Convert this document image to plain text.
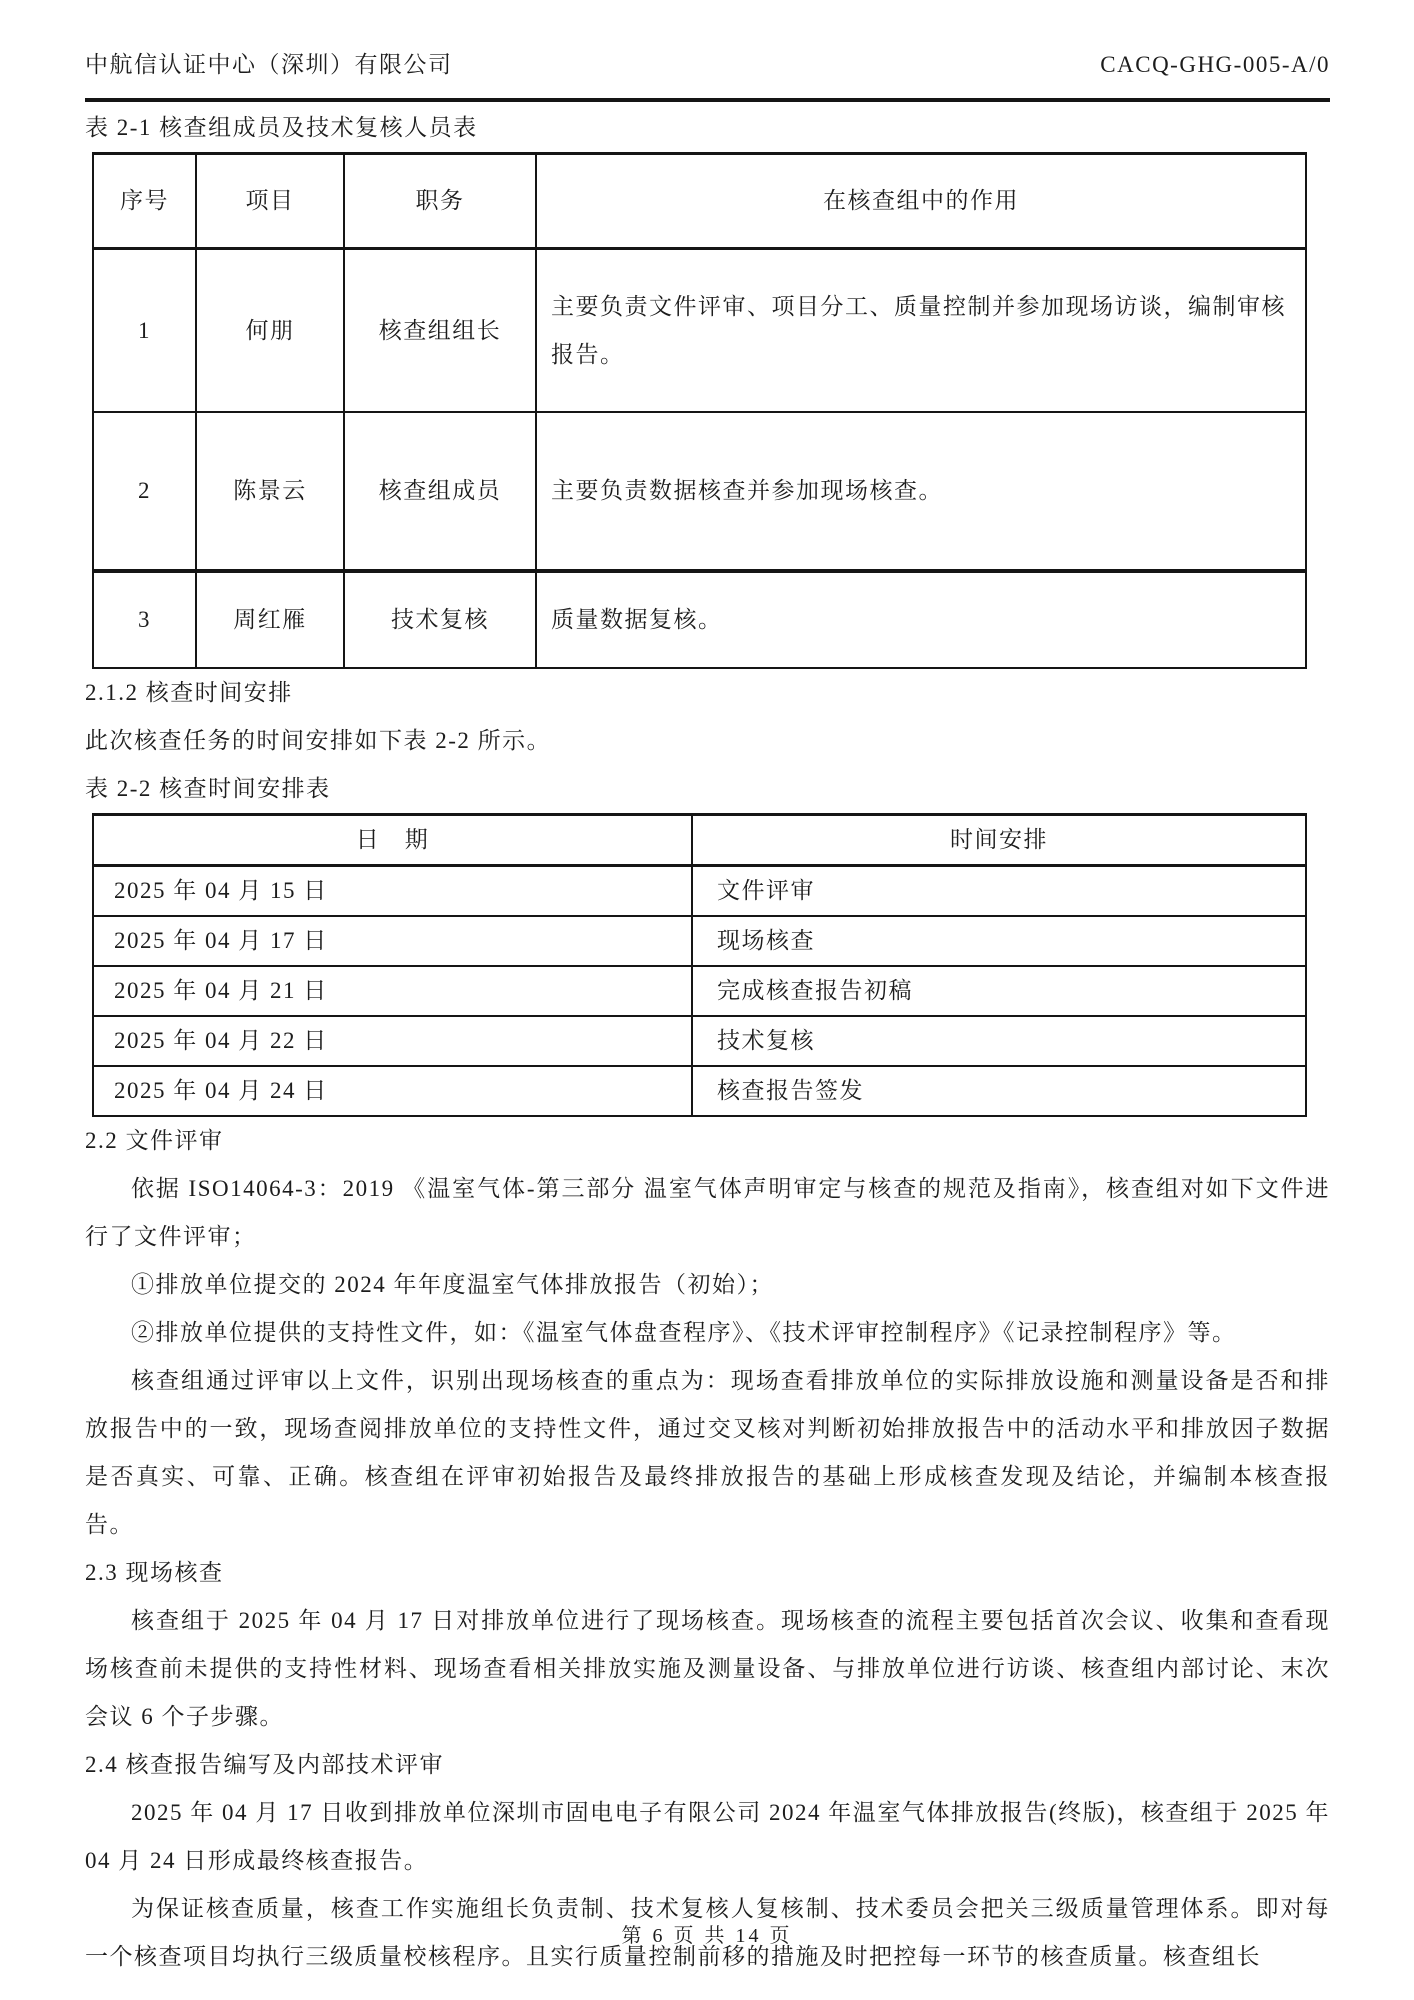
中航信认证中心（深圳）有限公司	CACQ-GHG-005-A/0
表 2-1 核查组成员及技术复核人员表
序号	项目	职务	在核查组中的作用
1	何朋	核查组组长	主要负责文件评审、项目分工、质量控制并参加现场访谈，编制审核报告。
2	陈景云	核查组成员	主要负责数据核查并参加现场核查。
3	周红雁	技术复核	质量数据复核。
2.1.2 核查时间安排
此次核查任务的时间安排如下表 2-2 所示。
表 2-2 核查时间安排表
日　期	时间安排
2025 年 04 月 15 日	文件评审
2025 年 04 月 17 日	现场核查
2025 年 04 月 21 日	完成核查报告初稿
2025 年 04 月 22 日	技术复核
2025 年 04 月 24 日	核查报告签发
2.2 文件评审
依据 ISO14064-3：2019 《温室气体-第三部分 温室气体声明审定与核查的规范及指南》，核查组对如下文件进行了文件评审；
①排放单位提交的 2024 年年度温室气体排放报告（初始）；
②排放单位提供的支持性文件，如：《温室气体盘查程序》、《技术评审控制程序》《记录控制程序》等。
核查组通过评审以上文件，识别出现场核查的重点为：现场查看排放单位的实际排放设施和测量设备是否和排放报告中的一致，现场查阅排放单位的支持性文件，通过交叉核对判断初始排放报告中的活动水平和排放因子数据是否真实、可靠、正确。核查组在评审初始报告及最终排放报告的基础上形成核查发现及结论，并编制本核查报告。
2.3 现场核查
核查组于 2025 年 04 月 17 日对排放单位进行了现场核查。现场核查的流程主要包括首次会议、收集和查看现场核查前未提供的支持性材料、现场查看相关排放实施及测量设备、与排放单位进行访谈、核查组内部讨论、末次会议 6 个子步骤。
2.4 核查报告编写及内部技术评审
2025 年 04 月 17 日收到排放单位深圳市固电电子有限公司 2024 年温室气体排放报告(终版)，核查组于 2025 年 04 月 24 日形成最终核查报告。
为保证核查质量，核查工作实施组长负责制、技术复核人复核制、技术委员会把关三级质量管理体系。即对每一个核查项目均执行三级质量校核程序。且实行质量控制前移的措施及时把控每一环节的核查质量。核查组长
第 6 页 共 14 页
